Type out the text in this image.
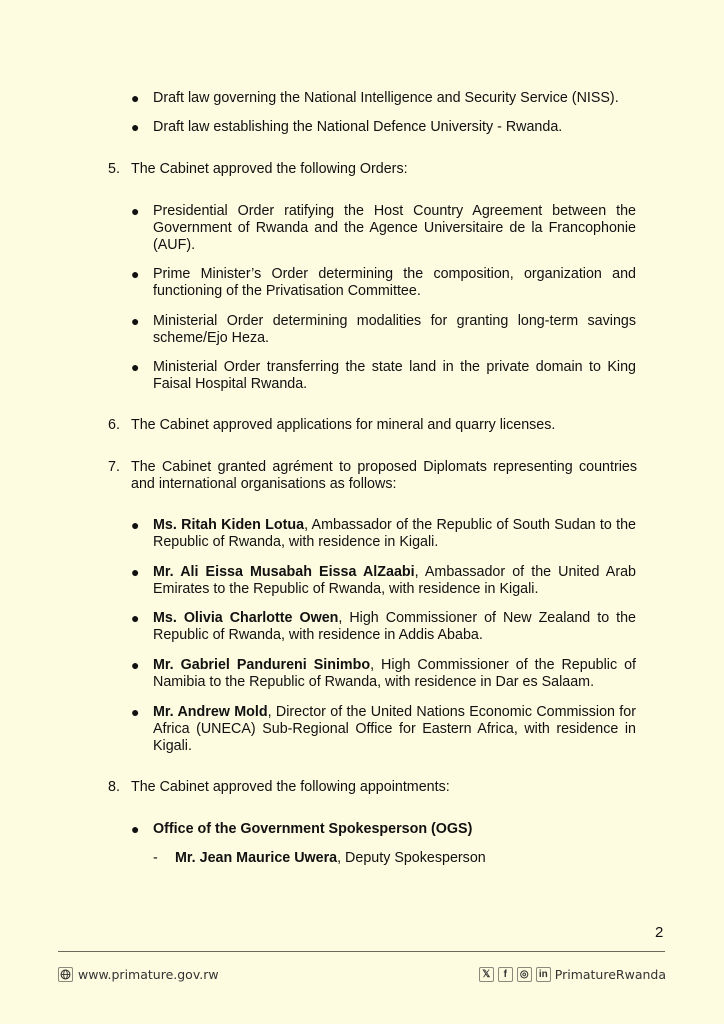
● Draft law governing the National Intelligence and Security Service (NISS).
● Draft law establishing the National Defence University - Rwanda.
5. The Cabinet approved the following Orders:
● Presidential Order ratifying the Host Country Agreement between the Government of Rwanda and the Agence Universitaire de la Francophonie (AUF).
● Prime Minister’s Order determining the composition, organization and functioning of the Privatisation Committee.
● Ministerial Order determining modalities for granting long-term savings scheme/Ejo Heza.
● Ministerial Order transferring the state land in the private domain to King Faisal Hospital Rwanda.
6. The Cabinet approved applications for mineral and quarry licenses.
7. The Cabinet granted agrément to proposed Diplomats representing countries and international organisations as follows:
● Ms. Ritah Kiden Lotua, Ambassador of the Republic of South Sudan to the Republic of Rwanda, with residence in Kigali.
● Mr. Ali Eissa Musabah Eissa AlZaabi, Ambassador of the United Arab Emirates to the Republic of Rwanda, with residence in Kigali.
● Ms. Olivia Charlotte Owen, High Commissioner of New Zealand to the Republic of Rwanda, with residence in Addis Ababa.
● Mr. Gabriel Pandureni Sinimbo, High Commissioner of the Republic of Namibia to the Republic of Rwanda, with residence in Dar es Salaam.
● Mr. Andrew Mold, Director of the United Nations Economic Commission for Africa (UNECA) Sub-Regional Office for Eastern Africa, with residence in Kigali.
8. The Cabinet approved the following appointments:
● Office of the Government Spokesperson (OGS)
- Mr. Jean Maurice Uwera, Deputy Spokesperson
2
www.primature.gov.rw	𝕏	f	◎	in PrimatureRwanda
